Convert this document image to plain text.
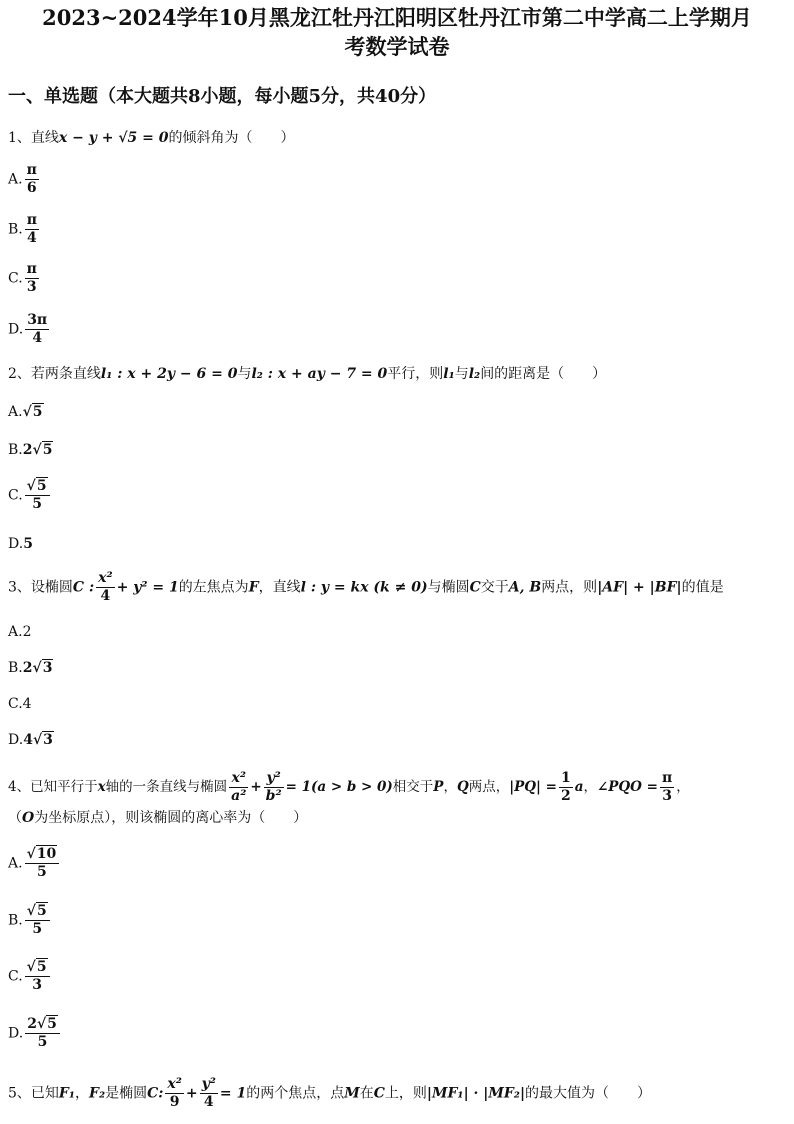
2023~2024学年10月黑龙江牡丹江阳明区牡丹江市第二中学高二上学期月
考数学试卷
一、单选题（本大题共8小题，每小题5分，共40分）
1、直线x − y + √5 = 0的倾斜角为（　　）
A. $\frac{\pi}{6}$
B. $\frac{\pi}{4}$
C. $\frac{\pi}{3}$
D. $\frac{3\pi}{4}$
2、若两条直线l₁ : x + 2y − 6 = 0与l₂ : x + ay − 7 = 0平行，则l₁与l₂间的距离是（　　）
A.√5
B.2√5
C. $\frac{√5}{5}$
D.5
3、设椭圆C : $\frac{\text{x²}}{4} + y^2 = 1$的左焦点为F，直线l : y = kx (k ≠ 0)与椭圆C交于A, B两点，则|AF| + |BF|的值是
A.2
B.2√3
C.4
D.4√3
4、已知平行于x轴的一条直线与椭圆 $\frac{\text{x²}}{\text{a²}} + \frac{\text{y²}}{\text{b²}} = 1(a > b > 0)$相交于P，Q两点，$|PQ| = \frac{1}{2}$ a，∠PQO = $\frac{\pi}{3}$ ，
（O为坐标原点），则该椭圆的离心率为（　　）
A. $\frac{√10}{5}$
B. $\frac{√5}{5}$
C. $\frac{√5}{3}$
D. $\frac{2√5}{5}$
5、已知F₁，F₂是椭圆C: $\frac{\text{x²}}{9} + \frac{\text{y²}}{4} = 1$的两个焦点，点M在C上，则|MF₁| · |MF₂|的最大值为（　　）
